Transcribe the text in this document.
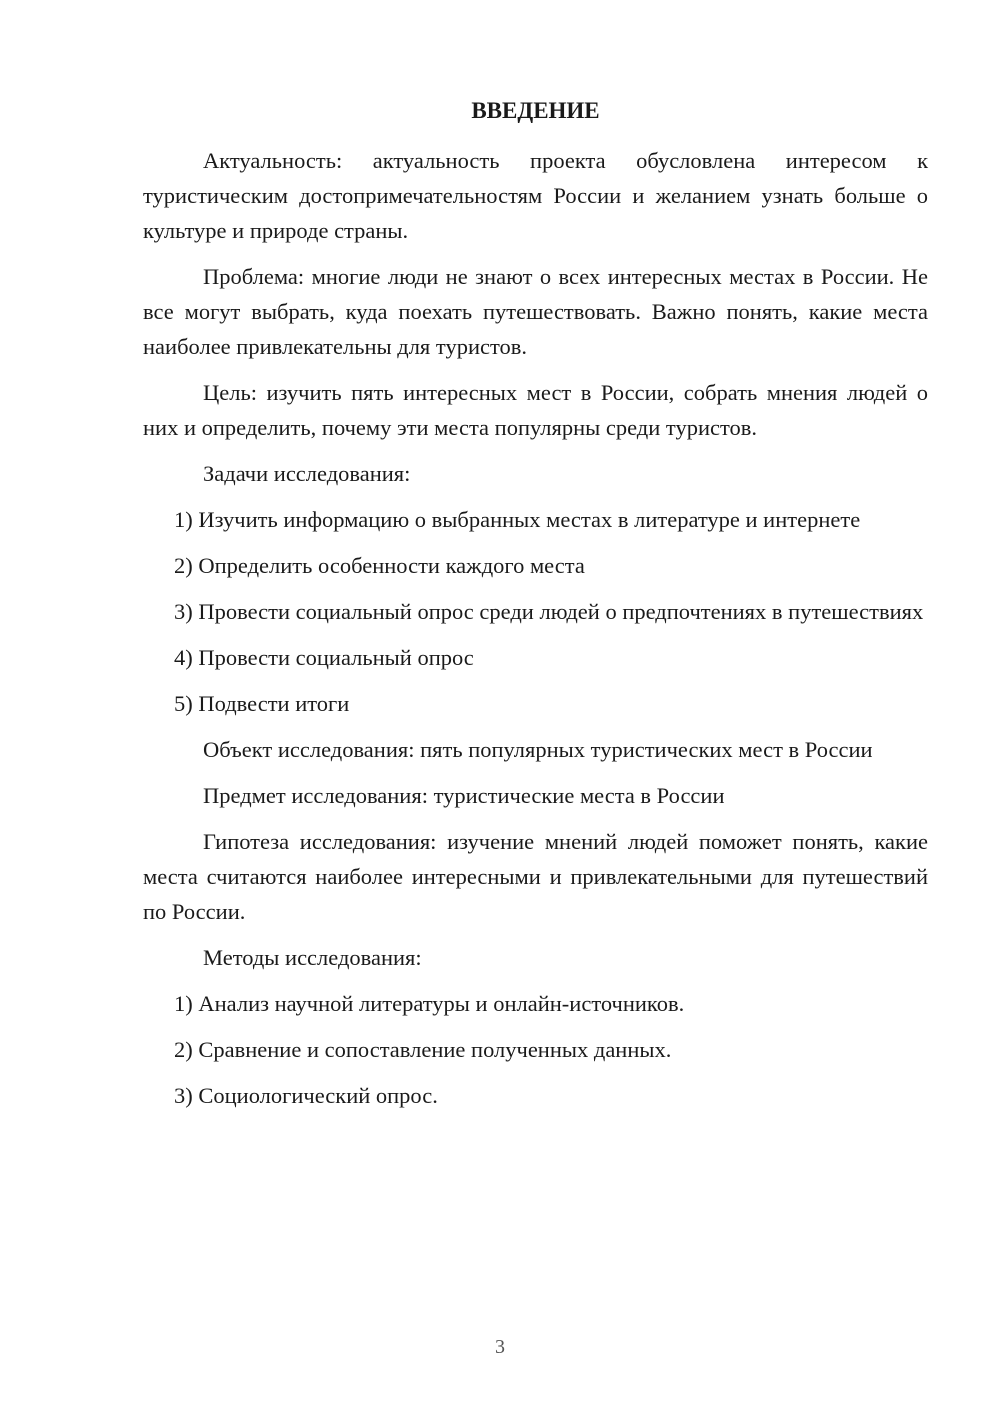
ВВЕДЕНИЕ

Актуальность: актуальность проекта обусловлена интересом к туристическим достопримечательностям России и желанием узнать больше о культуре и природе страны.

Проблема: многие люди не знают о всех интересных местах в России. Не все могут выбрать, куда поехать путешествовать. Важно понять, какие места наиболее привлекательны для туристов.

Цель: изучить пять интересных мест в России, собрать мнения людей о них и определить, почему эти места популярны среди туристов.

Задачи исследования:

1) Изучить информацию о выбранных местах в литературе и интернете

2) Определить особенности каждого места

3) Провести социальный опрос среди людей о предпочтениях в путешествиях

4) Провести социальный опрос

5) Подвести итоги

Объект исследования: пять популярных туристических мест в России

Предмет исследования: туристические места в России

Гипотеза исследования: изучение мнений людей поможет понять, какие места считаются наиболее интересными и привлекательными для путешествий по России.

Методы исследования:

1) Анализ научной литературы и онлайн-источников.

2) Сравнение и сопоставление полученных данных.

3) Социологический опрос.

3
